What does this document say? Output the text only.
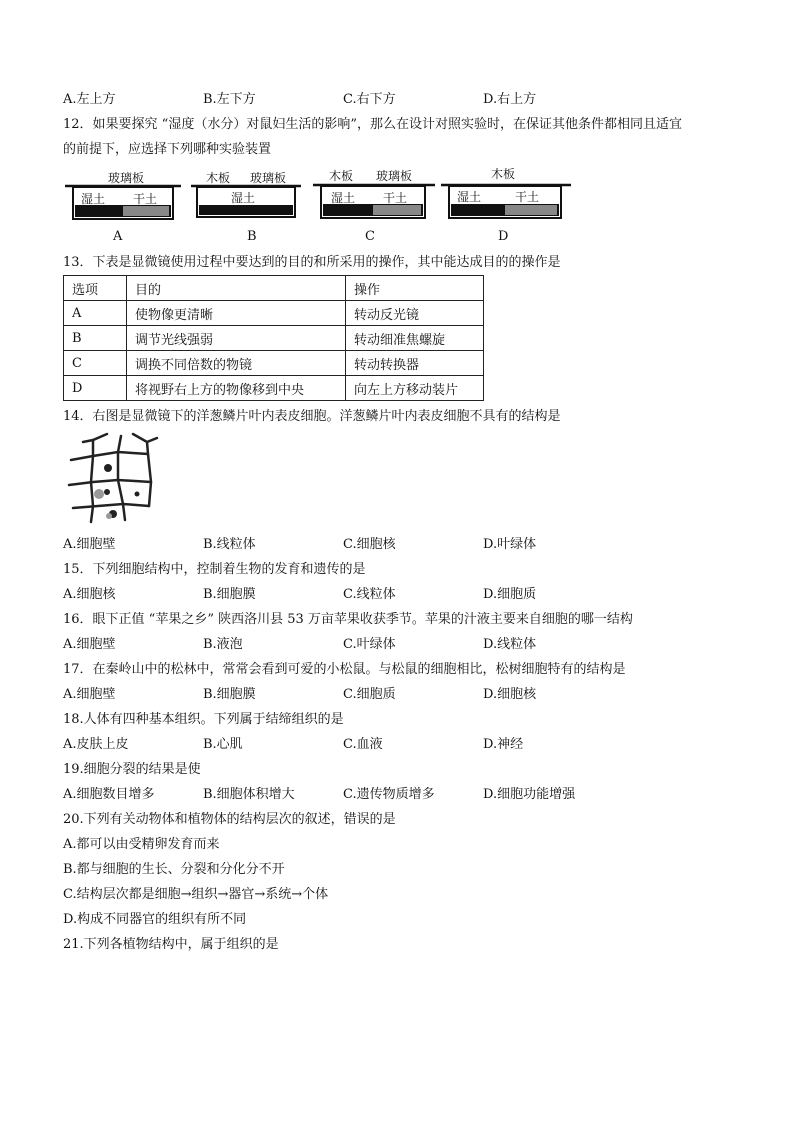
A.左上方	B.左下方	C.右下方	D.右上方
12．如果要探究 “湿度（水分）对鼠妇生活的影响”，那么在设计对照实验时，在保证其他条件都相同且适宜
的前提下，应选择下列哪种实验装置
玻璃板
湿土 干土
木板 玻璃板
湿土
木板 玻璃板
湿土 干土
木板
湿土	干土
A	B	C	D
13．下表是显微镜使用过程中要达到的目的和所采用的操作，其中能达成目的的操作是
选项	目的	操作
A	使物像更清晰	转动反光镜
B	调节光线强弱	转动细准焦螺旋
C	调换不同倍数的物镜	转动转换器
D	将视野右上方的物像移到中央	向左上方移动装片
14．右图是显微镜下的洋葱鳞片叶内表皮细胞。洋葱鳞片叶内表皮细胞不具有的结构是
A.细胞壁	B.线粒体	C.细胞核	D.叶绿体
15．下列细胞结构中，控制着生物的发育和遗传的是
A.细胞核	B.细胞膜	C.线粒体	D.细胞质
16．眼下正值 “苹果之乡” 陕西洛川县 53 万亩苹果收获季节。苹果的汁液主要来自细胞的哪一结构
A.细胞壁	B.液泡	C.叶绿体	D.线粒体
17．在秦岭山中的松林中，常常会看到可爱的小松鼠。与松鼠的细胞相比，松树细胞特有的结构是
A.细胞壁	B.细胞膜	C.细胞质	D.细胞核
18.人体有四种基本组织。下列属于结缔组织的是
A.皮肤上皮	B.心肌	C.血液	D.神经
19.细胞分裂的结果是使
A.细胞数目增多	B.细胞体积增大	C.遗传物质增多	D.细胞功能增强
20.下列有关动物体和植物体的结构层次的叙述，错误的是
A.都可以由受精卵发育而来
B.都与细胞的生长、分裂和分化分不开
C.结构层次都是细胞→组织→器官→系统→个体
D.构成不同器官的组织有所不同
21.下列各植物结构中，属于组织的是
